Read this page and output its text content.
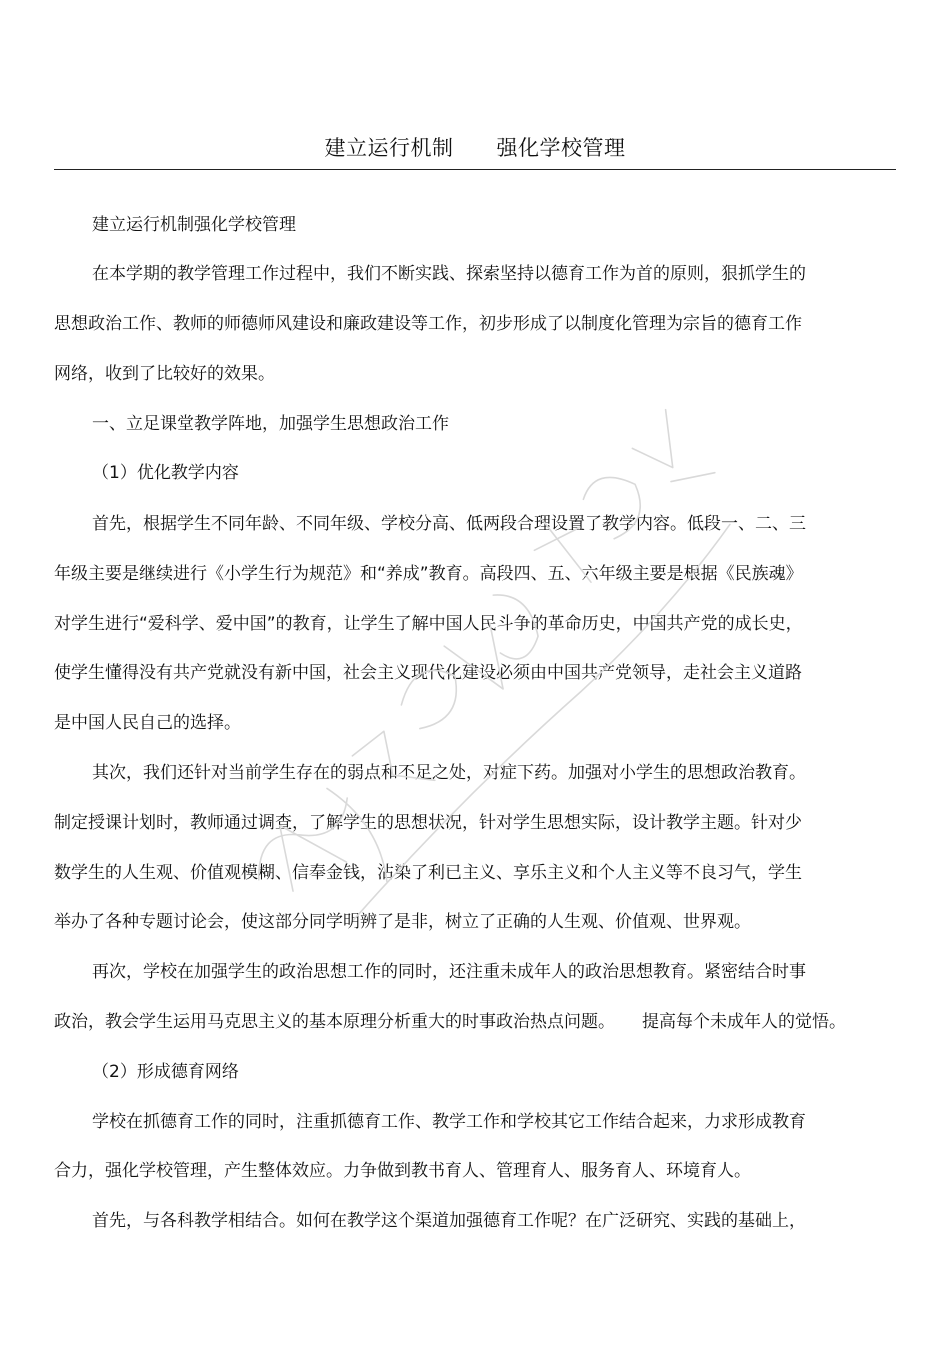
建立运行机制      强化学校管理
建立运行机制强化学校管理
在本学期的教学管理工作过程中，我们不断实践、探索坚持以德育工作为首的原则，狠抓学生的
思想政治工作、教师的师德师风建设和廉政建设等工作，初步形成了以制度化管理为宗旨的德育工作
网络，收到了比较好的效果。
一、立足课堂教学阵地，加强学生思想政治工作
（1）优化教学内容
首先，根据学生不同年龄、不同年级、学校分高、低两段合理设置了教学内容。低段一、二、三
年级主要是继续进行《小学生行为规范》和“养成”教育。高段四、五、六年级主要是根据《民族魂》
对学生进行“爱科学、爱中国”的教育，让学生了解中国人民斗争的革命历史，中国共产党的成长史，
使学生懂得没有共产党就没有新中国，社会主义现代化建设必须由中国共产党领导，走社会主义道路
是中国人民自己的选择。
其次，我们还针对当前学生存在的弱点和不足之处，对症下药。加强对小学生的思想政治教育。
制定授课计划时，教师通过调查，了解学生的思想状况，针对学生思想实际，设计教学主题。针对少
数学生的人生观、价值观模糊、信奉金钱，沾染了利已主义、享乐主义和个人主义等不良习气，学生
举办了各种专题讨论会，使这部分同学明辨了是非，树立了正确的人生观、价值观、世界观。
再次，学校在加强学生的政治思想工作的同时，还注重未成年人的政治思想教育。紧密结合时事
政治，教会学生运用马克思主义的基本原理分析重大的时事政治热点问题。     提高每个未成年人的觉悟。
（2）形成德育网络
学校在抓德育工作的同时，注重抓德育工作、教学工作和学校其它工作结合起来，力求形成教育
合力，强化学校管理，产生整体效应。力争做到教书育人、管理育人、服务育人、环境育人。
首先，与各科教学相结合。如何在教学这个渠道加强德育工作呢？在广泛研究、实践的基础上，
